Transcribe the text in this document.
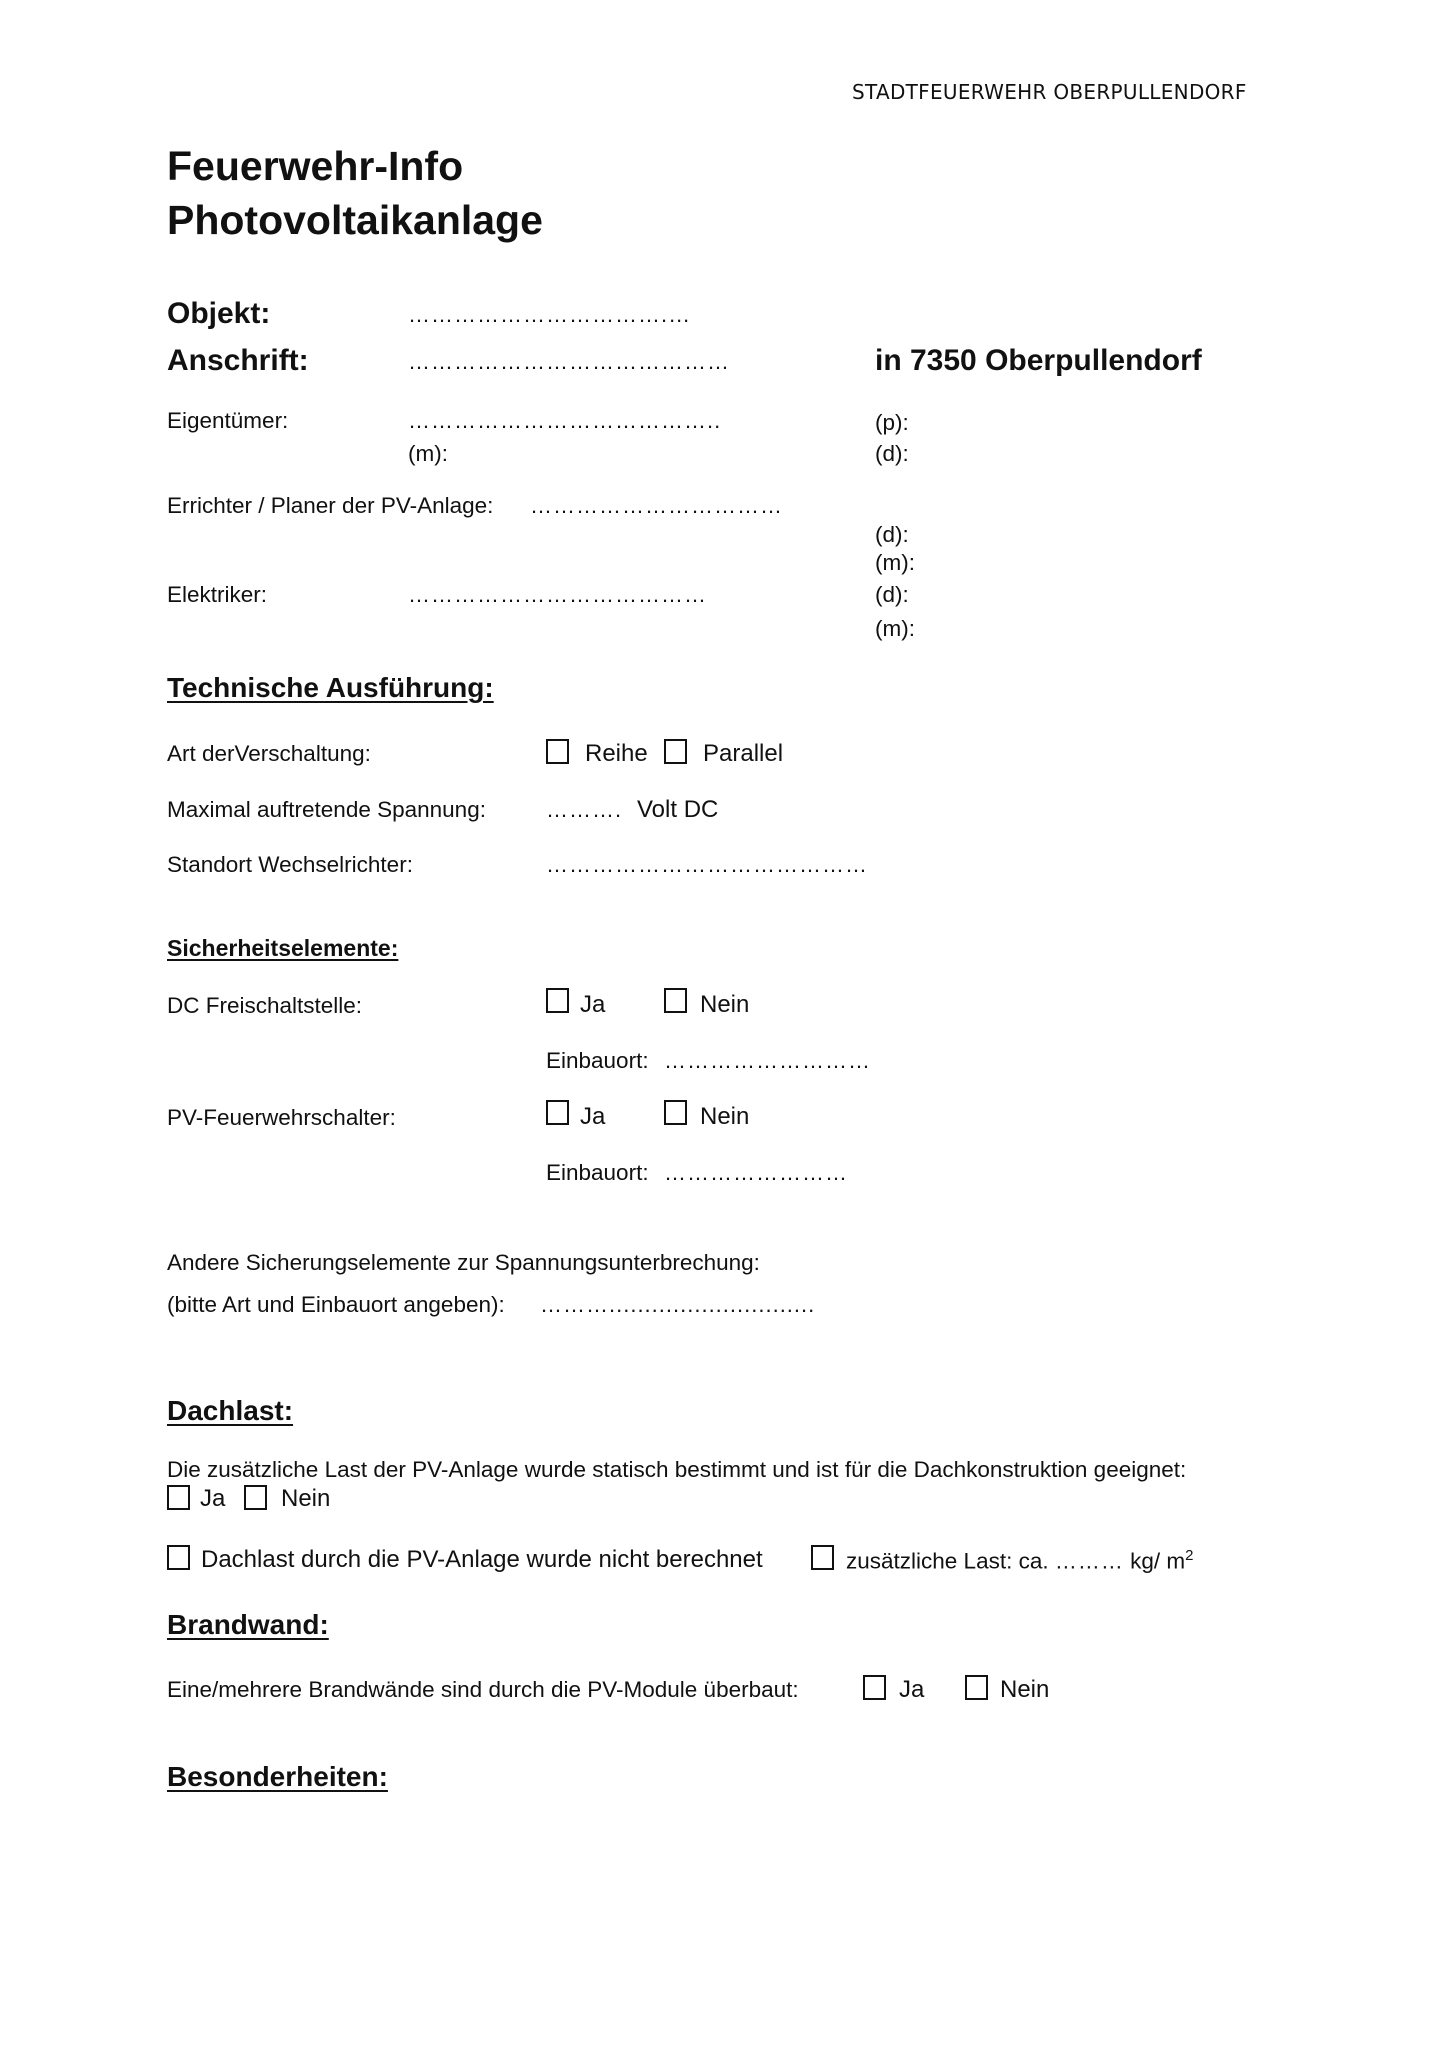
STADTFEUERWEHR OBERPULLENDORF
Feuerwehr-Info
Photovoltaikanlage
Objekt:	…………………………….…
Anschrift:	……………………………………	in 7350 Oberpullendorf
Eigentümer:	…………………………………..
(m):
(p):
(d):
Errichter / Planer der PV-Anlage: ……………………………
(d):
(m):
Elektriker:	…………………………………	(d):
(m):
Technische Ausführung:
Art derVerschaltung:	Reihe Parallel
Maximal auftretende Spannung:	………. Volt DC
Standort Wechselrichter:	……………………………………
Sicherheitselemente:
DC Freischaltstelle:	Ja	Nein
Einbauort: ………………………
PV-Feuerwehrschalter:	Ja	Nein
Einbauort: ……………………
Andere Sicherungselemente zur Spannungsunterbrechung:
(bitte Art und Einbauort angeben): ……….............................
Dachlast:
Die zusätzliche Last der PV-Anlage wurde statisch bestimmt und ist für die Dachkonstruktion geeignet:
Ja Nein
Dachlast durch die PV-Anlage wurde nicht berechnet	zusätzliche Last: ca. ……… kg/ $m^2$
Brandwand:
Eine/mehrere Brandwände sind durch die PV-Module überbaut:	Ja	Nein
Besonderheiten:
